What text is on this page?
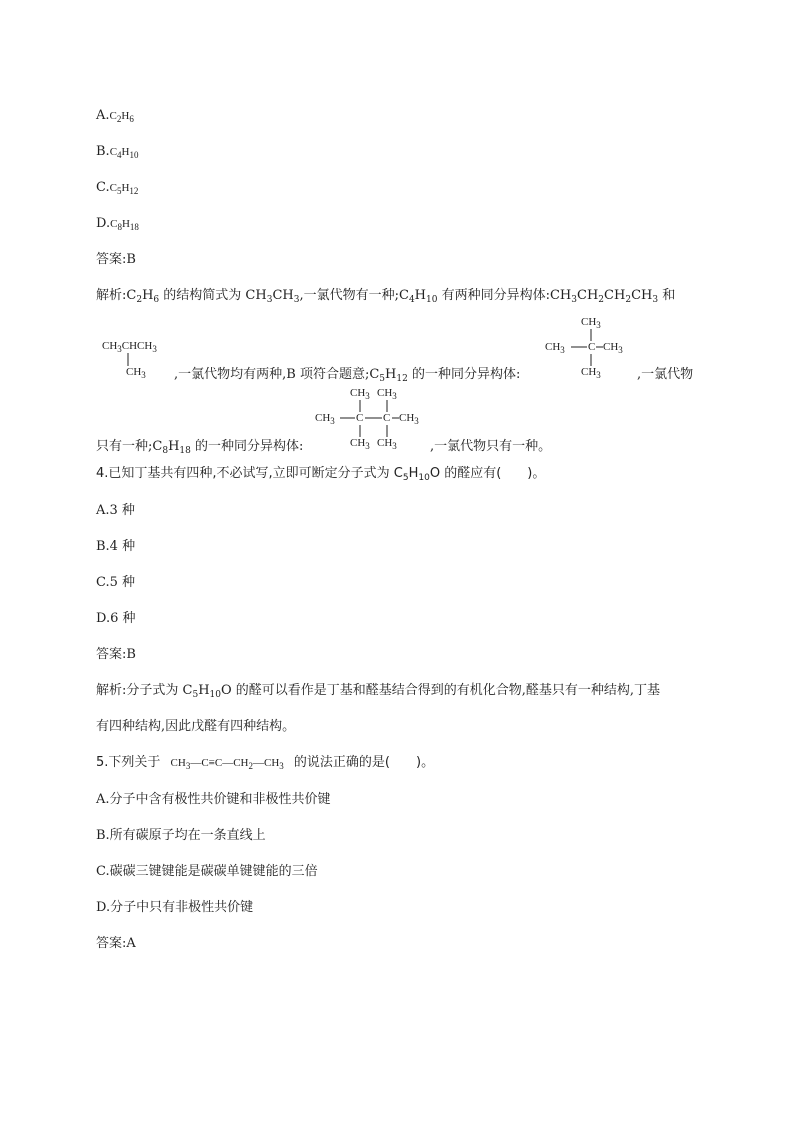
$A.C_2H_6$
$B.C_4H_{10}$
$C.C_5H_{12}$
$D.C_8H_{18}$
答案:B
解析$:C_2H_6$ 的结构简式为 $CH_3CH_3$,一氯代物有一种$;C_4H_{10}$ 有两种同分异构体$:CH_3CH_2CH_2CH_3$ 和
$CH_3CHCH_3$
$CH_3$ ,一氯代物均有两种,B 项符合题意$;C_5H_{12}$ 的一种同分异构体:
$CH_3$
$CH_3$ C $CH_3$
$CH_3$	,一氯代物
只有一种$;C_8H_{18}$ 的一种同分异构体:
$CH_3$ $CH_3$
$CH_3$ C C $CH_3$
$CH_3$ $CH_3$	,一氯代物只有一种。
4.已知丁基共有四种,不必试写,立即可断定分子式为 $C_5H_{10}O$ 的醛应有(　　)。
A.3 种
B.4 种
C.5 种
D.6 种
答案:B
解析:分子式为 $C_5H_{10}O$ 的醛可以看作是丁基和醛基结合得到的有机化合物,醛基只有一种结构,丁基
有四种结构,因此戊醛有四种结构。
5.下列关于 $CH_3—C\equiv C—CH_2—CH_3$ 的说法正确的是(　　)。
A.分子中含有极性共价键和非极性共价键
B.所有碳原子均在一条直线上
C.碳碳三键键能是碳碳单键键能的三倍
D.分子中只有非极性共价键
答案:A
